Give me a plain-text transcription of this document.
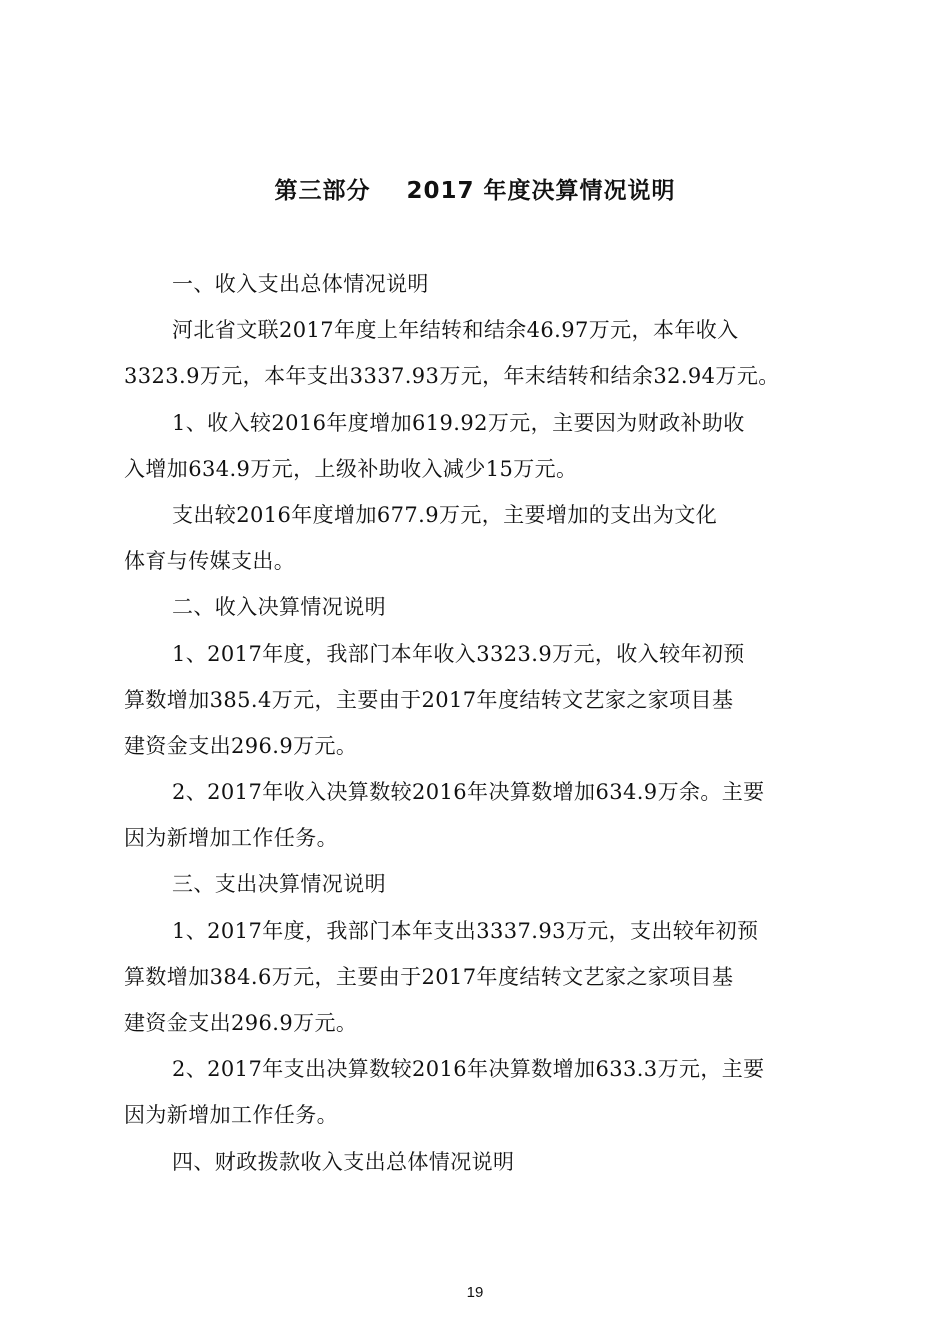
第三部分    2017 年度决算情况说明
一、收入支出总体情况说明
河北省文联2017年度上年结转和结余46.97万元，本年收入
3323.9万元，本年支出3337.93万元，年末结转和结余32.94万元。
1、收入较2016年度增加619.92万元，主要因为财政补助收
入增加634.9万元，上级补助收入减少15万元。
支出较2016年度增加677.9万元，主要增加的支出为文化
体育与传媒支出。
二、收入决算情况说明
1、2017年度，我部门本年收入3323.9万元，收入较年初预
算数增加385.4万元，主要由于2017年度结转文艺家之家项目基
建资金支出296.9万元。
2、2017年收入决算数较2016年决算数增加634.9万余。主要
因为新增加工作任务。
三、支出决算情况说明
1、2017年度，我部门本年支出3337.93万元，支出较年初预
算数增加384.6万元，主要由于2017年度结转文艺家之家项目基
建资金支出296.9万元。
2、2017年支出决算数较2016年决算数增加633.3万元，主要
因为新增加工作任务。
四、财政拨款收入支出总体情况说明
19
